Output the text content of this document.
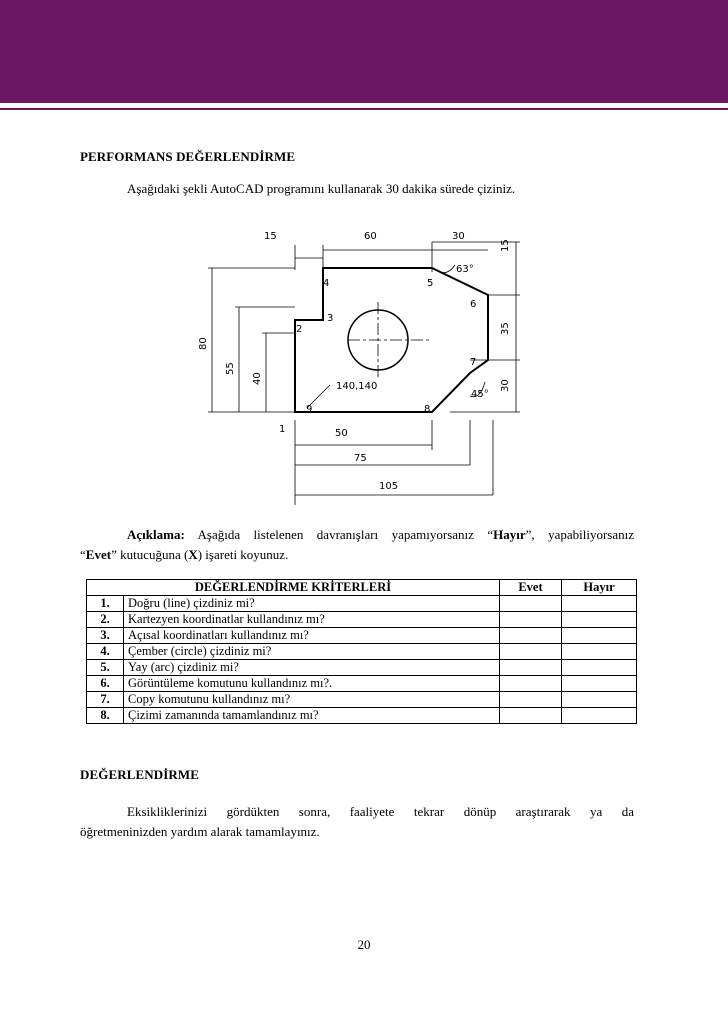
PERFORMANS DEĞERLENDİRME
Aşağıdaki şekli AutoCAD programını kullanarak 30 dakika sürede çiziniz.
15	60	30
15
63°
80
55
40
35
30
45°
50
75
105
140,140
1
2
3
4	5
6
7
8
9
Açıklama: Aşağıda listelenen davranışları yapamıyorsanız “Hayır”, yapabiliyorsanız
“Evet” kutucuğuna (X) işareti koyunuz.
DEĞERLENDİRME KRİTERLERİ		Evet	Hayır
1.	Doğru (line) çizdiniz mi?		
2.	Kartezyen koordinatlar kullandınız mı?		
3.	Açısal koordinatları kullandınız mı?		
4.	Çember (circle) çizdiniz mi?		
5.	Yay (arc) çizdiniz mi?		
6.	Görüntüleme komutunu kullandınız mı?.		
7.	Copy komutunu kullandınız mı?		
8.	Çizimi zamanında tamamlandınız mı?		
DEĞERLENDİRME
Eksikliklerinizi gördükten sonra, faaliyete tekrar dönüp araştırarak ya da
öğretmeninizden yardım alarak tamamlayınız.
20
